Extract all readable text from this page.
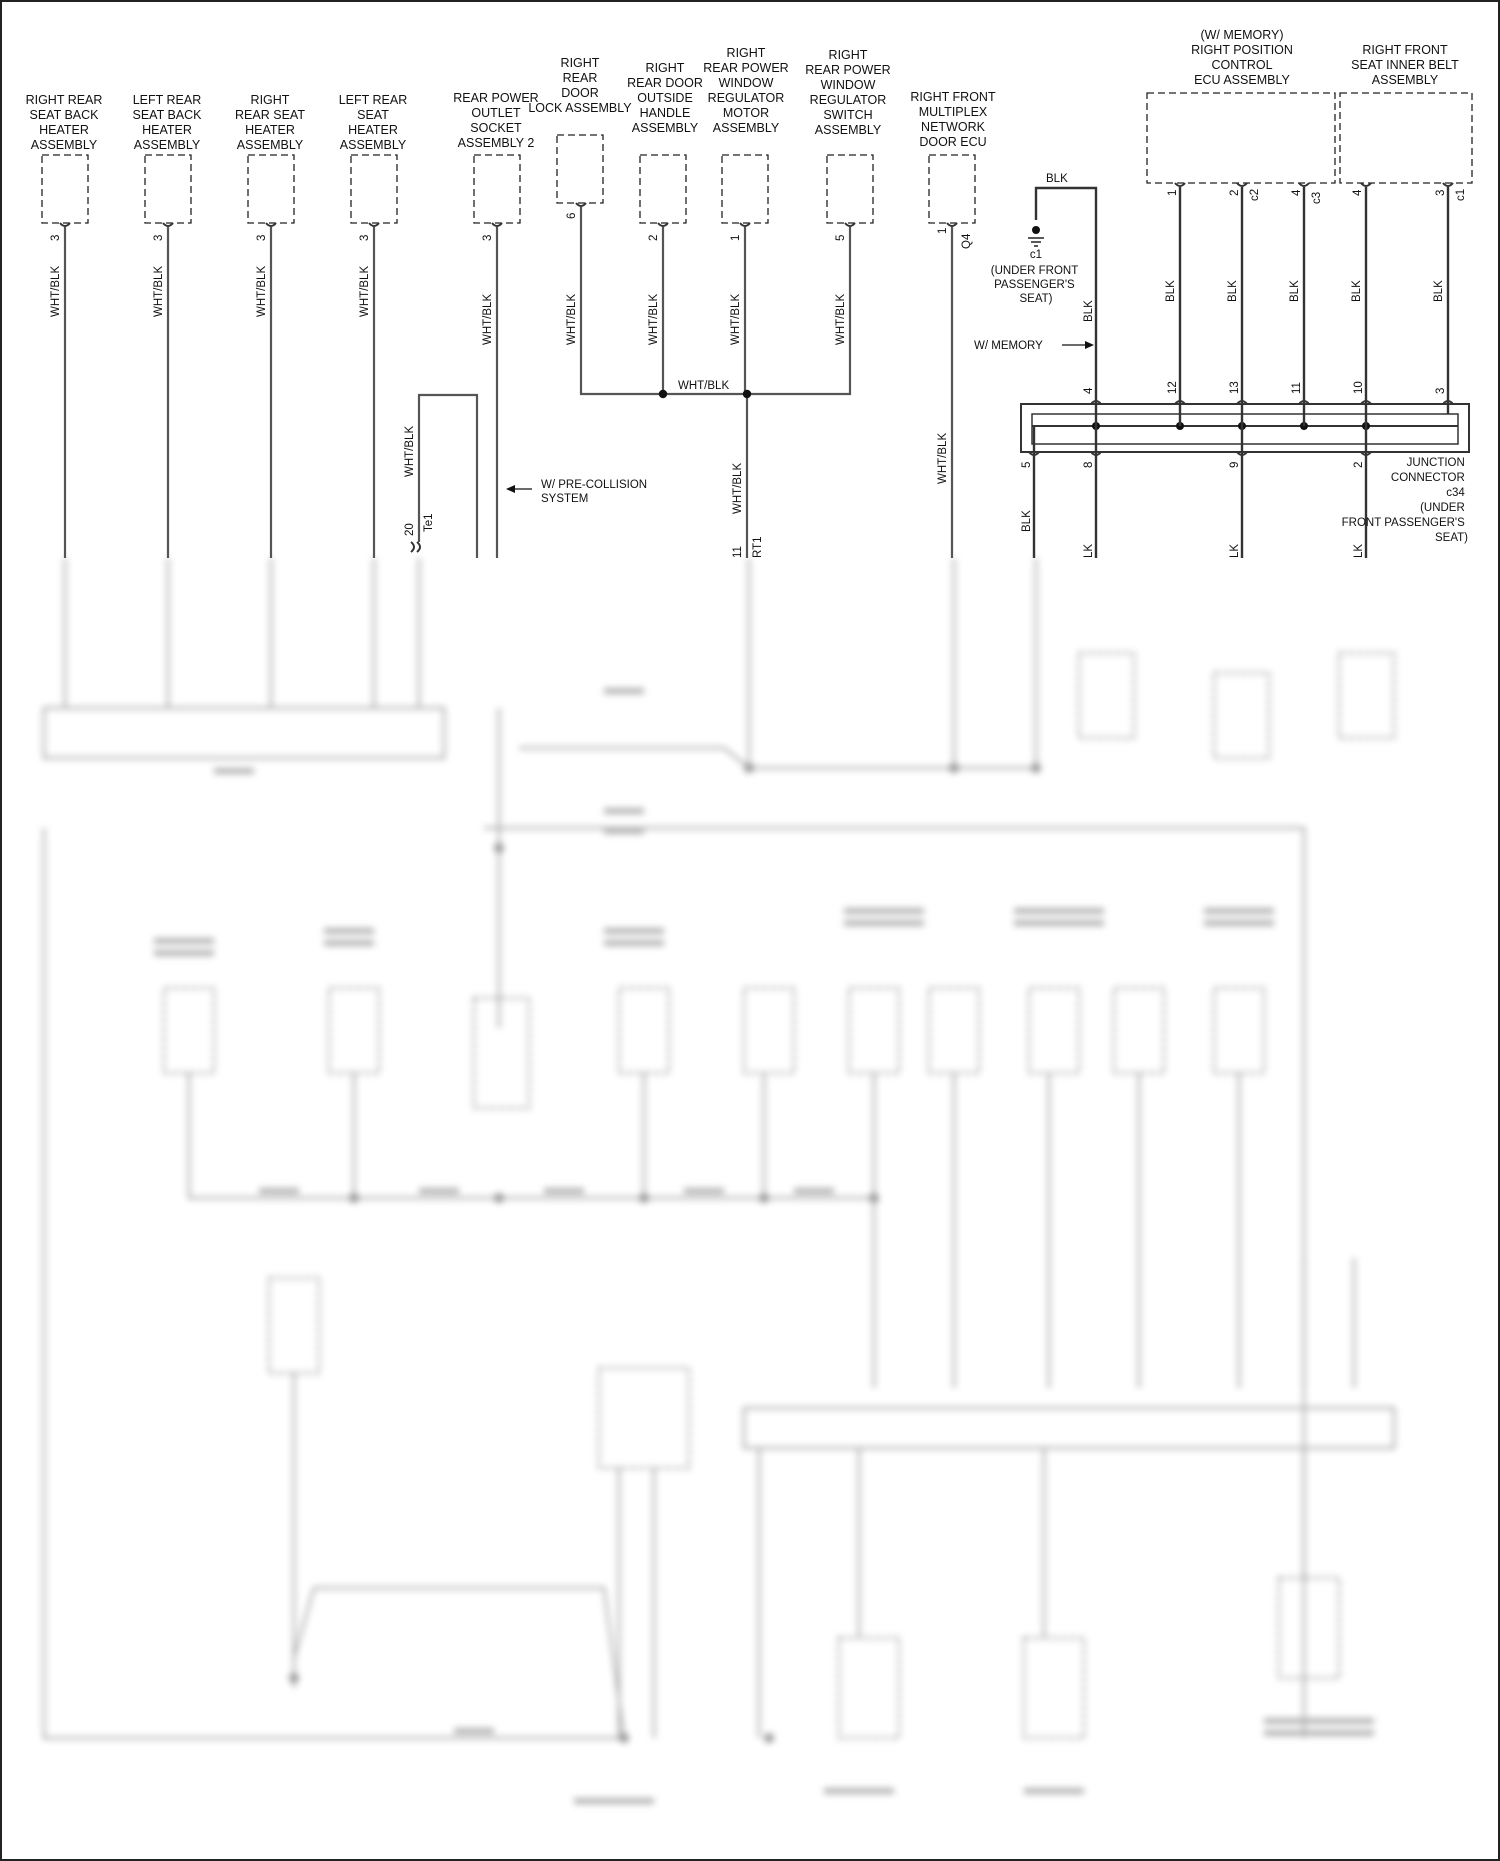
RIGHT REAR SEAT BACK HEATER ASSEMBLY
LEFT REAR SEAT BACK HEATER ASSEMBLY
RIGHT REAR SEAT HEATER ASSEMBLY
LEFT REAR SEAT HEATER ASSEMBLY
REAR POWER OUTLET SOCKET ASSEMBLY 2
RIGHT REAR DOOR LOCK ASSEMBLY
RIGHT REAR DOOR OUTSIDE HANDLE ASSEMBLY
RIGHT REAR POWER WINDOW REGULATOR MOTOR ASSEMBLY
RIGHT REAR POWER WINDOW REGULATOR SWITCH ASSEMBLY
RIGHT FRONT MULTIPLEX NETWORK DOOR ECU
(W/ MEMORY) RIGHT POSITION CONTROL ECU ASSEMBLY
RIGHT FRONT SEAT INNER BELT ASSEMBLY
3	3	3	3	3
6
2	1	5
1
Q4
1	2 c2	4 c3	4	3 c1
c1
(UNDER FRONT PASSENGER'S SEAT)
4	12	13	11	10	3
5	8	9	2	JUNCTION CONNECTOR c34 (UNDER FRONT PASSENGER'S SEAT)
WHT/BLK	WHT/BLK	WHT/BLK	WHT/BLK
WHT/BLK
WHT/BLK
WHT/BLK	WHT/BLK	WHT/BLK	WHT/BLK
WHT/BLK
WHT/BLK
WHT/BLK
BLK
BLK
BLK	BLK	BLK	BLK	BLK
BLK
LK	LK	LK
W/ MEMORY
W/ PRE-COLLISION SYSTEM
20 Te1
11 RT1
